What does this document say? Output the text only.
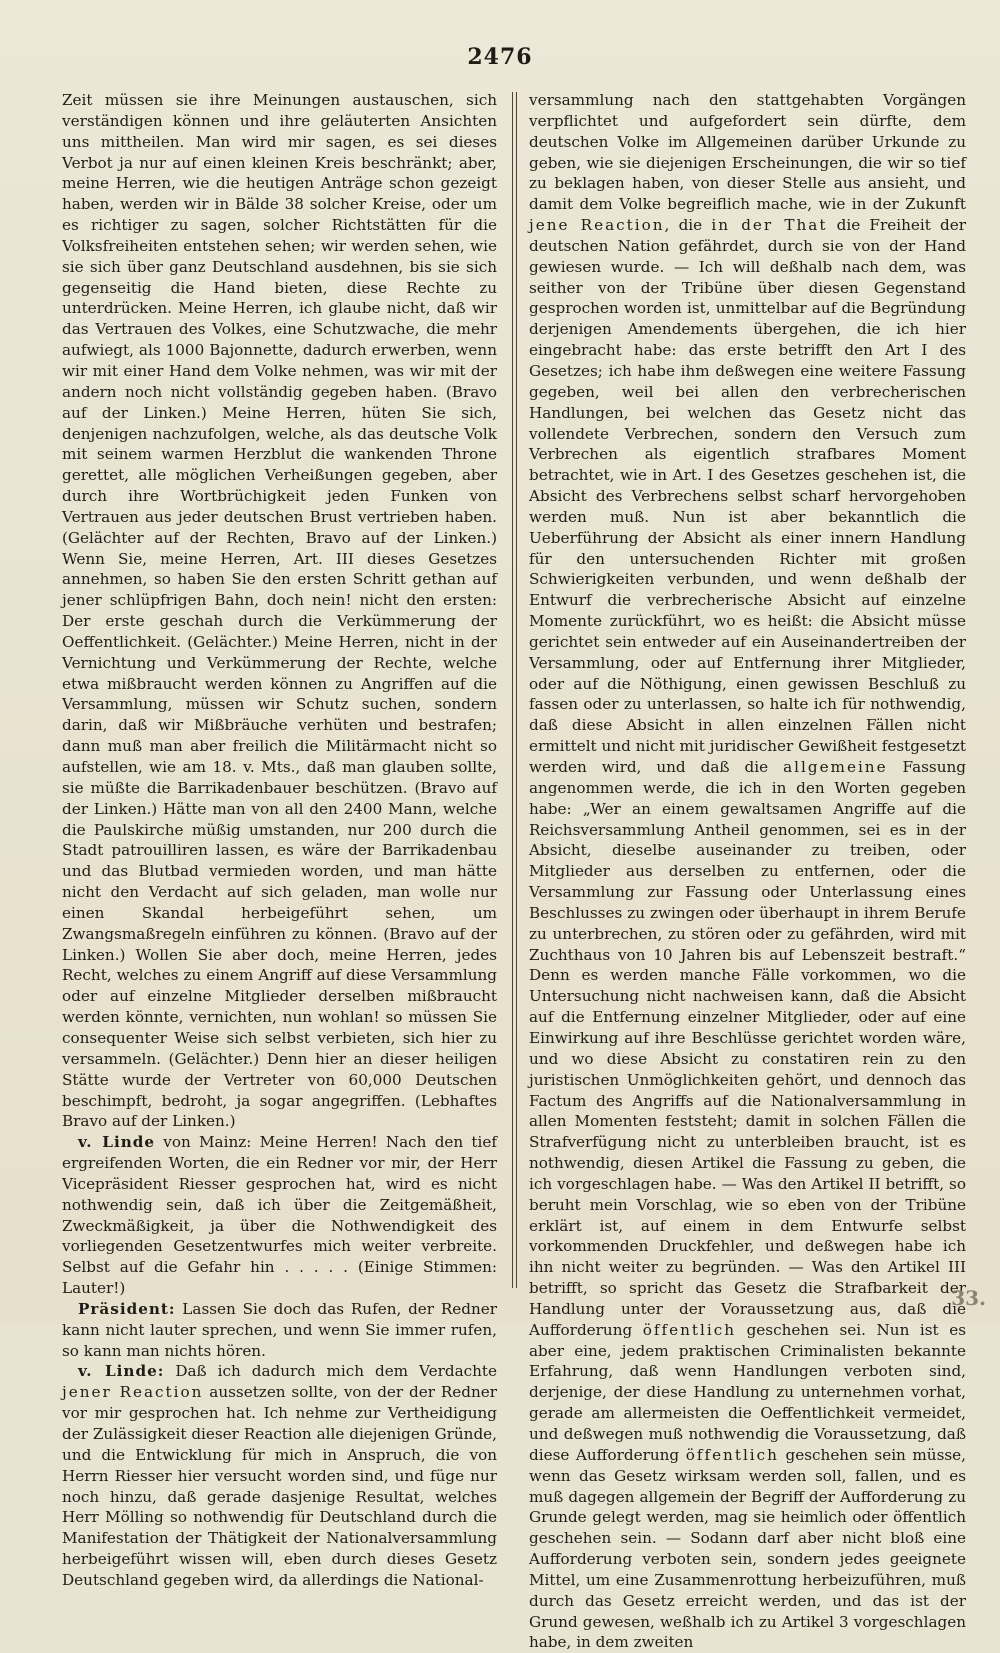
2476

Zeit müssen sie ihre Meinungen austauschen, sich verständigen können und ihre geläuterten Ansichten uns mittheilen. Man wird mir sagen, es sei dieses Verbot ja nur auf einen kleinen Kreis beschränkt; aber, meine Herren, wie die heutigen Anträge schon gezeigt haben, werden wir in Bälde 38 solcher Kreise, oder um es richtiger zu sagen, solcher Richtstätten für die Volksfreiheiten entstehen sehen; wir werden sehen, wie sie sich über ganz Deutschland ausdehnen, bis sie sich gegenseitig die Hand bieten, diese Rechte zu unterdrücken. Meine Herren, ich glaube nicht, daß wir das Vertrauen des Volkes, eine Schutzwache, die mehr aufwiegt, als 1000 Bajonnette, dadurch erwerben, wenn wir mit einer Hand dem Volke nehmen, was wir mit der andern noch nicht vollständig gegeben haben. (Bravo auf der Linken.) Meine Herren, hüten Sie sich, denjenigen nachzufolgen, welche, als das deutsche Volk mit seinem warmen Herzblut die wankenden Throne gerettet, alle möglichen Verheißungen gegeben, aber durch ihre Wortbrüchigkeit jeden Funken von Vertrauen aus jeder deutschen Brust vertrieben haben. (Gelächter auf der Rechten, Bravo auf der Linken.) Wenn Sie, meine Herren, Art. III dieses Gesetzes annehmen, so haben Sie den ersten Schritt gethan auf jener schlüpfrigen Bahn, doch nein! nicht den ersten: Der erste geschah durch die Verkümmerung der Oeffentlichkeit. (Gelächter.) Meine Herren, nicht in der Vernichtung und Verkümmerung der Rechte, welche etwa mißbraucht werden können zu Angriffen auf die Versammlung, müssen wir Schutz suchen, sondern darin, daß wir Mißbräuche verhüten und bestrafen; dann muß man aber freilich die Militärmacht nicht so aufstellen, wie am 18. v. Mts., daß man glauben sollte, sie müßte die Barrikadenbauer beschützen. (Bravo auf der Linken.) Hätte man von all den 2400 Mann, welche die Paulskirche müßig umstanden, nur 200 durch die Stadt patrouilliren lassen, es wäre der Barrikadenbau und das Blutbad vermieden worden, und man hätte nicht den Verdacht auf sich geladen, man wolle nur einen Skandal herbeigeführt sehen, um Zwangsmaßregeln einführen zu können. (Bravo auf der Linken.) Wollen Sie aber doch, meine Herren, jedes Recht, welches zu einem Angriff auf diese Versammlung oder auf einzelne Mitglieder derselben mißbraucht werden könnte, vernichten, nun wohlan! so müssen Sie consequenter Weise sich selbst verbieten, sich hier zu versammeln. (Gelächter.) Denn hier an dieser heiligen Stätte wurde der Vertreter von 60,000 Deutschen beschimpft, bedroht, ja sogar angegriffen. (Lebhaftes Bravo auf der Linken.)

v. Linde von Mainz: Meine Herren! Nach den tief ergreifenden Worten, die ein Redner vor mir, der Herr Vicepräsident Riesser gesprochen hat, wird es nicht nothwendig sein, daß ich über die Zeitgemäßheit, Zweckmäßigkeit, ja über die Nothwendigkeit des vorliegenden Gesetzentwurfes mich weiter verbreite. Selbst auf die Gefahr hin . . . . . (Einige Stimmen: Lauter!)

Präsident: Lassen Sie doch das Rufen, der Redner kann nicht lauter sprechen, und wenn Sie immer rufen, so kann man nichts hören.

v. Linde: Daß ich dadurch mich dem Verdachte jener Reaction aussetzen sollte, von der der Redner vor mir gesprochen hat. Ich nehme zur Vertheidigung der Zulässigkeit dieser Reaction alle diejenigen Gründe, und die Entwicklung für mich in Anspruch, die von Herrn Riesser hier versucht worden sind, und füge nur noch hinzu, daß gerade dasjenige Resultat, welches Herr Mölling so nothwendig für Deutschland durch die Manifestation der Thätigkeit der Nationalversammlung herbeigeführt wissen will, eben durch dieses Gesetz Deutschland gegeben wird, da allerdings die National-

versammlung nach den stattgehabten Vorgängen verpflichtet und aufgefordert sein dürfte, dem deutschen Volke im Allgemeinen darüber Urkunde zu geben, wie sie diejenigen Erscheinungen, die wir so tief zu beklagen haben, von dieser Stelle aus ansieht, und damit dem Volke begreiflich mache, wie in der Zukunft jene Reaction, die in der That die Freiheit der deutschen Nation gefährdet, durch sie von der Hand gewiesen wurde. — Ich will deßhalb nach dem, was seither von der Tribüne über diesen Gegenstand gesprochen worden ist, unmittelbar auf die Begründung derjenigen Amendements übergehen, die ich hier eingebracht habe: das erste betrifft den Art I des Gesetzes; ich habe ihm deßwegen eine weitere Fassung gegeben, weil bei allen den verbrecherischen Handlungen, bei welchen das Gesetz nicht das vollendete Verbrechen, sondern den Versuch zum Verbrechen als eigentlich strafbares Moment betrachtet, wie in Art. I des Gesetzes geschehen ist, die Absicht des Verbrechens selbst scharf hervorgehoben werden muß. Nun ist aber bekanntlich die Ueberführung der Absicht als einer innern Handlung für den untersuchenden Richter mit großen Schwierigkeiten verbunden, und wenn deßhalb der Entwurf die verbrecherische Absicht auf einzelne Momente zurückführt, wo es heißt: die Absicht müsse gerichtet sein entweder auf ein Auseinandertreiben der Versammlung, oder auf Entfernung ihrer Mitglieder, oder auf die Nöthigung, einen gewissen Beschluß zu fassen oder zu unterlassen, so halte ich für nothwendig, daß diese Absicht in allen einzelnen Fällen nicht ermittelt und nicht mit juridischer Gewißheit festgesetzt werden wird, und daß die allgemeine Fassung angenommen werde, die ich in den Worten gegeben habe: „Wer an einem gewaltsamen Angriffe auf die Reichsversammlung Antheil genommen, sei es in der Absicht, dieselbe auseinander zu treiben, oder Mitglieder aus derselben zu entfernen, oder die Versammlung zur Fassung oder Unterlassung eines Beschlusses zu zwingen oder überhaupt in ihrem Berufe zu unterbrechen, zu stören oder zu gefährden, wird mit Zuchthaus von 10 Jahren bis auf Lebenszeit bestraft.“ Denn es werden manche Fälle vorkommen, wo die Untersuchung nicht nachweisen kann, daß die Absicht auf die Entfernung einzelner Mitglieder, oder auf eine Einwirkung auf ihre Beschlüsse gerichtet worden wäre, und wo diese Absicht zu constatiren rein zu den juristischen Unmöglichkeiten gehört, und dennoch das Factum des Angriffs auf die Nationalversammlung in allen Momenten feststeht; damit in solchen Fällen die Strafverfügung nicht zu unterbleiben braucht, ist es nothwendig, diesen Artikel die Fassung zu geben, die ich vorgeschlagen habe. — Was den Artikel II betrifft, so beruht mein Vorschlag, wie so eben von der Tribüne erklärt ist, auf einem in dem Entwurfe selbst vorkommenden Druckfehler, und deßwegen habe ich ihn nicht weiter zu begründen. — Was den Artikel III betrifft, so spricht das Gesetz die Strafbarkeit der Handlung unter der Voraussetzung aus, daß die Aufforderung öffentlich geschehen sei. Nun ist es aber eine, jedem praktischen Criminalisten bekannte Erfahrung, daß wenn Handlungen verboten sind, derjenige, der diese Handlung zu unternehmen vorhat, gerade am allermeisten die Oeffentlichkeit vermeidet, und deßwegen muß nothwendig die Voraussetzung, daß diese Aufforderung öffentlich geschehen sein müsse, wenn das Gesetz wirksam werden soll, fallen, und es muß dagegen allgemein der Begriff der Aufforderung zu Grunde gelegt werden, mag sie heimlich oder öffentlich geschehen sein. — Sodann darf aber nicht bloß eine Aufforderung verboten sein, sondern jedes geeignete Mittel, um eine Zusammenrottung herbeizuführen, muß durch das Gesetz erreicht werden, und das ist der Grund gewesen, weßhalb ich zu Artikel 3 vorgeschlagen habe, in dem zweiten

33.
